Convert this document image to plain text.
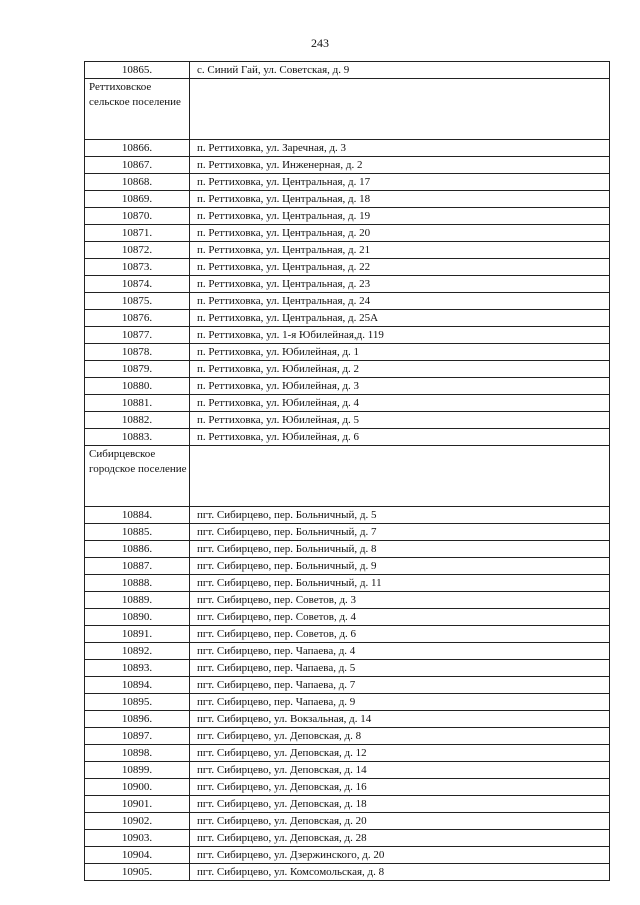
243
10865.	с. Синий Гай, ул. Советская, д. 9
Реттиховское сельское поселение	
10866.	п. Реттиховка, ул. Заречная, д. 3
10867.	п. Реттиховка, ул. Инженерная, д. 2
10868.	п. Реттиховка, ул. Центральная, д. 17
10869.	п. Реттиховка, ул. Центральная, д. 18
10870.	п. Реттиховка, ул. Центральная, д. 19
10871.	п. Реттиховка, ул. Центральная, д. 20
10872.	п. Реттиховка, ул. Центральная, д. 21
10873.	п. Реттиховка, ул. Центральная, д. 22
10874.	п. Реттиховка, ул. Центральная, д. 23
10875.	п. Реттиховка, ул. Центральная, д. 24
10876.	п. Реттиховка, ул. Центральная, д. 25А
10877.	п. Реттиховка, ул. 1-я Юбилейная,д. 119
10878.	п. Реттиховка, ул. Юбилейная, д. 1
10879.	п. Реттиховка, ул. Юбилейная, д. 2
10880.	п. Реттиховка, ул. Юбилейная, д. 3
10881.	п. Реттиховка, ул. Юбилейная, д. 4
10882.	п. Реттиховка, ул. Юбилейная, д. 5
10883.	п. Реттиховка, ул. Юбилейная, д. 6
Сибирцевское городское поселение	
10884.	пгт. Сибирцево, пер. Больничный, д. 5
10885.	пгт. Сибирцево, пер. Больничный, д. 7
10886.	пгт. Сибирцево, пер. Больничный, д. 8
10887.	пгт. Сибирцево, пер. Больничный, д. 9
10888.	пгт. Сибирцево, пер. Больничный, д. 11
10889.	пгт. Сибирцево, пер. Советов, д. 3
10890.	пгт. Сибирцево, пер. Советов, д. 4
10891.	пгт. Сибирцево, пер. Советов, д. 6
10892.	пгт. Сибирцево, пер. Чапаева, д. 4
10893.	пгт. Сибирцево, пер. Чапаева, д. 5
10894.	пгт. Сибирцево, пер. Чапаева, д. 7
10895.	пгт. Сибирцево, пер. Чапаева, д. 9
10896.	пгт. Сибирцево, ул. Вокзальная, д. 14
10897.	пгт. Сибирцево, ул. Деповская, д. 8
10898.	пгт. Сибирцево, ул. Деповская, д. 12
10899.	пгт. Сибирцево, ул. Деповская, д. 14
10900.	пгт. Сибирцево, ул. Деповская, д. 16
10901.	пгт. Сибирцево, ул. Деповская, д. 18
10902.	пгт. Сибирцево, ул. Деповская, д. 20
10903.	пгт. Сибирцево, ул. Деповская, д. 28
10904.	пгт. Сибирцево, ул. Дзержинского, д. 20
10905.	пгт. Сибирцево, ул. Комсомольская, д. 8
